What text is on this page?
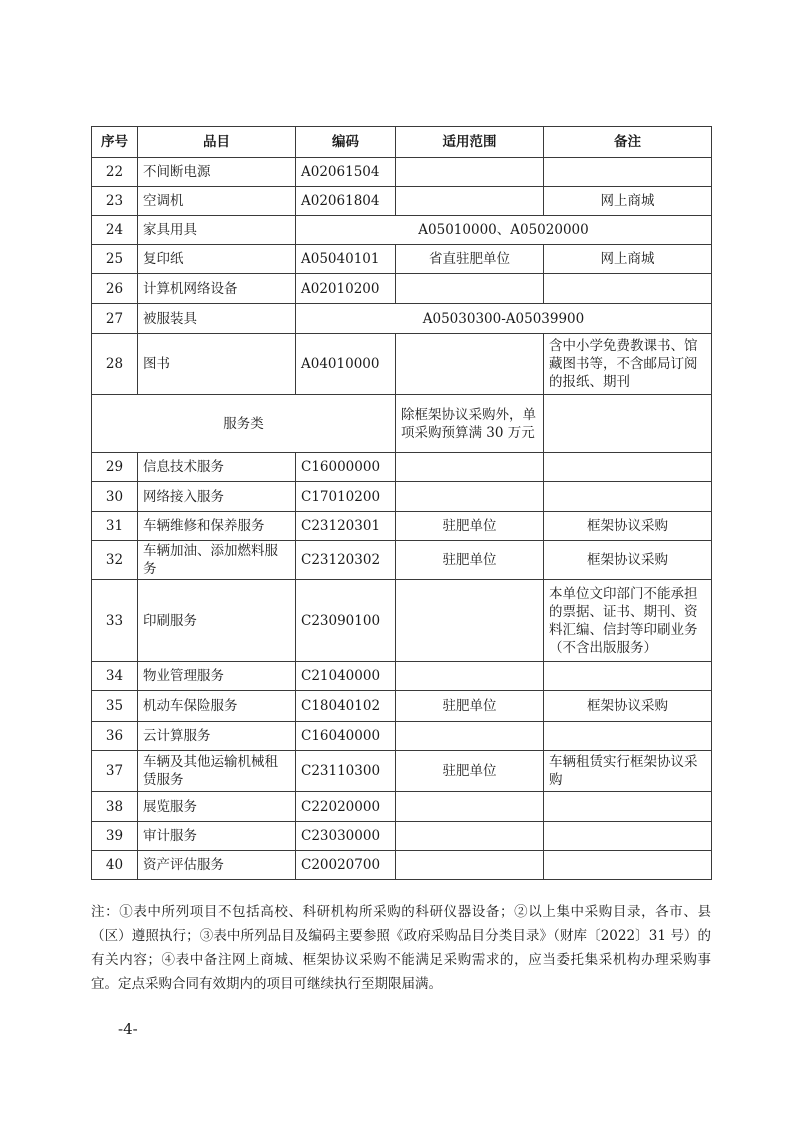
序号	品目	编码	适用范围	备注
22	不间断电源	A02061504		
23	空调机	A02061804		网上商城
24	家具用具	A05010000、A05020000		
25	复印纸	A05040101	省直驻肥单位	网上商城
26	计算机网络设备	A02010200		
27	被服装具	A05030300-A05039900		
28	图书	A04010000		含中小学免费教课书、馆藏图书等，不含邮局订阅的报纸、期刊
服务类			除框架协议采购外，单项采购预算满 30 万元	
29	信息技术服务	C16000000		
30	网络接入服务	C17010200		
31	车辆维修和保养服务	C23120301	驻肥单位	框架协议采购
32	车辆加油、添加燃料服务	C23120302	驻肥单位	框架协议采购
33	印刷服务	C23090100		本单位文印部门不能承担的票据、证书、期刊、资料汇编、信封等印刷业务（不含出版服务）
34	物业管理服务	C21040000		
35	机动车保险服务	C18040102	驻肥单位	框架协议采购
36	云计算服务	C16040000		
37	车辆及其他运输机械租赁服务	C23110300	驻肥单位	车辆租赁实行框架协议采购
38	展览服务	C22020000		
39	审计服务	C23030000		
40	资产评估服务	C20020700		
注：①表中所列项目不包括高校、科研机构所采购的科研仪器设备；②以上集中采购目录，各市、县（区）遵照执行；③表中所列品目及编码主要参照《政府采购品目分类目录》（财库〔2022〕31 号）的有关内容；④表中备注网上商城、框架协议采购不能满足采购需求的，应当委托集采机构办理采购事宜。定点采购合同有效期内的项目可继续执行至期限届满。
-4-
